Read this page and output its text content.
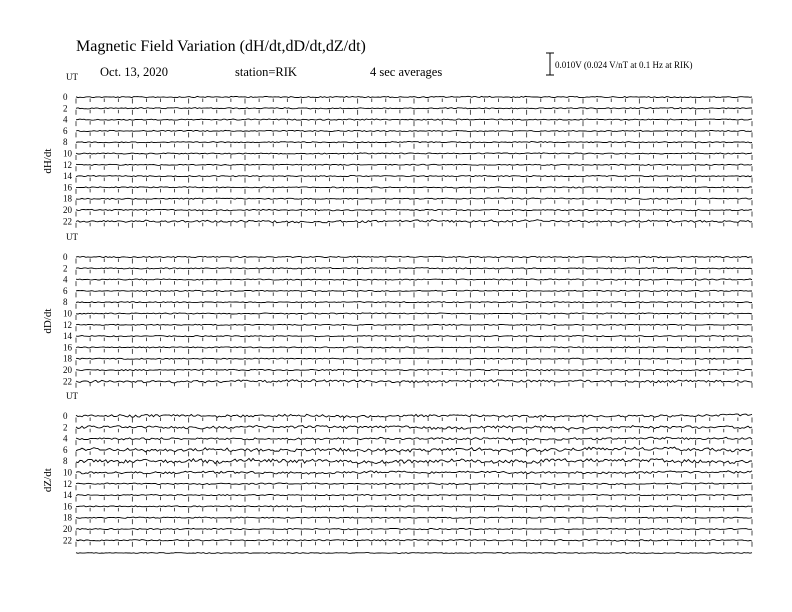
Magnetic Field Variation (dH/dt,dD/dt,dZ/dt)
Oct. 13, 2020	station=RIK	4 sec averages	0.010V (0.024 V/nT at 0.1 Hz at RIK)
UT
dH/dt
0
2
4
6
8
10
12
14
16
18
20
22
UT
dD/dt
0
2
4
6
8
10
12
14
16
18
20
22
UT
dZ/dt
0
2
4
6
8
10
12
14
16
18
20
22
